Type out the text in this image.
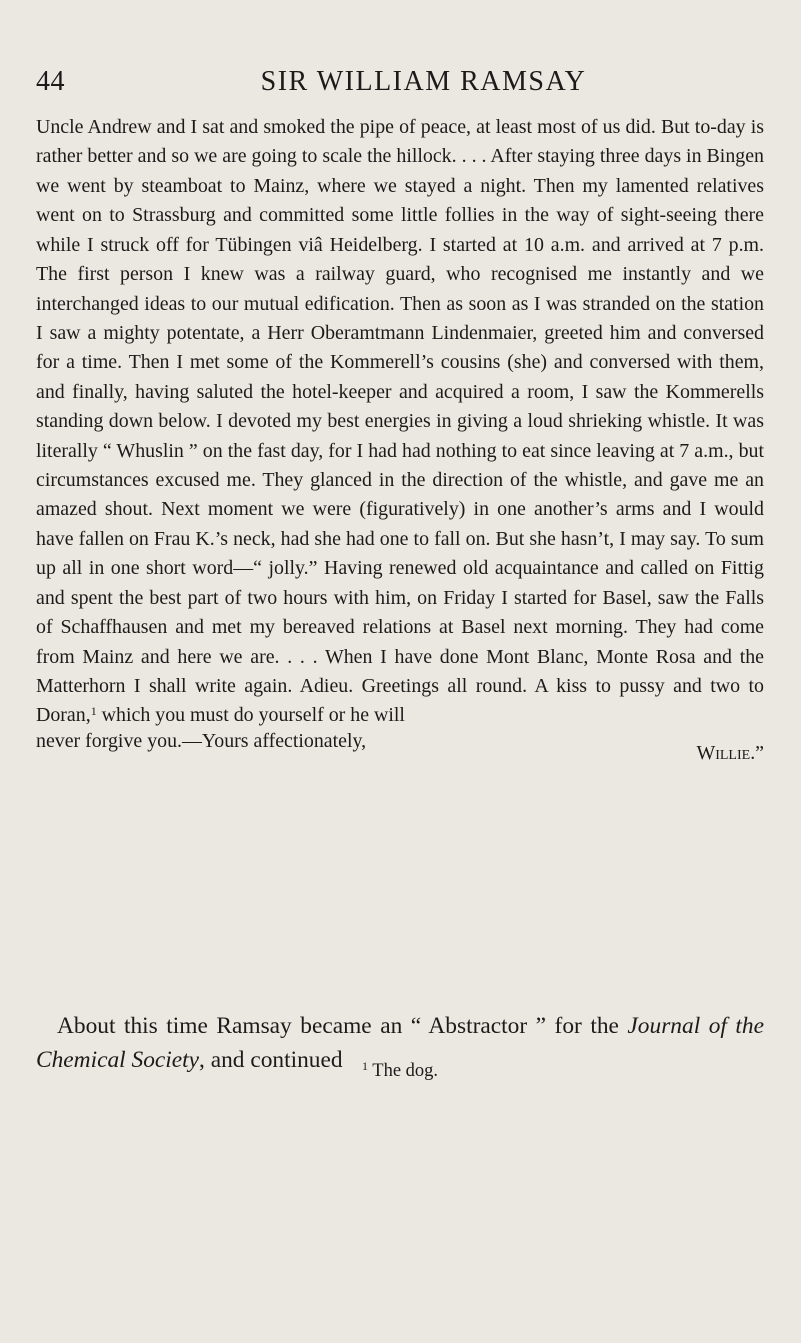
44	SIR WILLIAM RAMSAY

Uncle Andrew and I sat and smoked the pipe of peace, at least most of us did. But to-day is rather better and so we are going to scale the hillock. . . . After staying three days in Bingen we went by steamboat to Mainz, where we stayed a night. Then my lamented relatives went on to Strassburg and committed some little follies in the way of sight-seeing there while I struck off for Tübingen viâ Heidelberg. I started at 10 a.m. and arrived at 7 p.m. The first person I knew was a railway guard, who recognised me instantly and we interchanged ideas to our mutual edification. Then as soon as I was stranded on the station I saw a mighty potentate, a Herr Oberamtmann Lindenmaier, greeted him and conversed for a time. Then I met some of the Kommerell’s cousins (she) and conversed with them, and finally, having saluted the hotel-keeper and acquired a room, I saw the Kommerells standing down below. I devoted my best energies in giving a loud shrieking whistle. It was literally “ Whuslin ” on the fast day, for I had had nothing to eat since leaving at 7 a.m., but circumstances excused me. They glanced in the direction of the whistle, and gave me an amazed shout. Next moment we were (figuratively) in one another’s arms and I would have fallen on Frau K.’s neck, had she had one to fall on. But she hasn’t, I may say. To sum up all in one short word—“ jolly.” Having renewed old acquaintance and called on Fittig and spent the best part of two hours with him, on Friday I started for Basel, saw the Falls of Schaffhausen and met my bereaved relations at Basel next morning. They had come from Mainz and here we are. . . . When I have done Mont Blanc, Monte Rosa and the Matterhorn I shall write again. Adieu. Greetings all round. A kiss to pussy and two to Doran,$^1$ which you must do yourself or he will

never forgive you.—Yours affectionately,
Willie.”

About this time Ramsay became an “ Abstractor ” for the Journal of the Chemical Society, and continued	$^1$ The dog.
